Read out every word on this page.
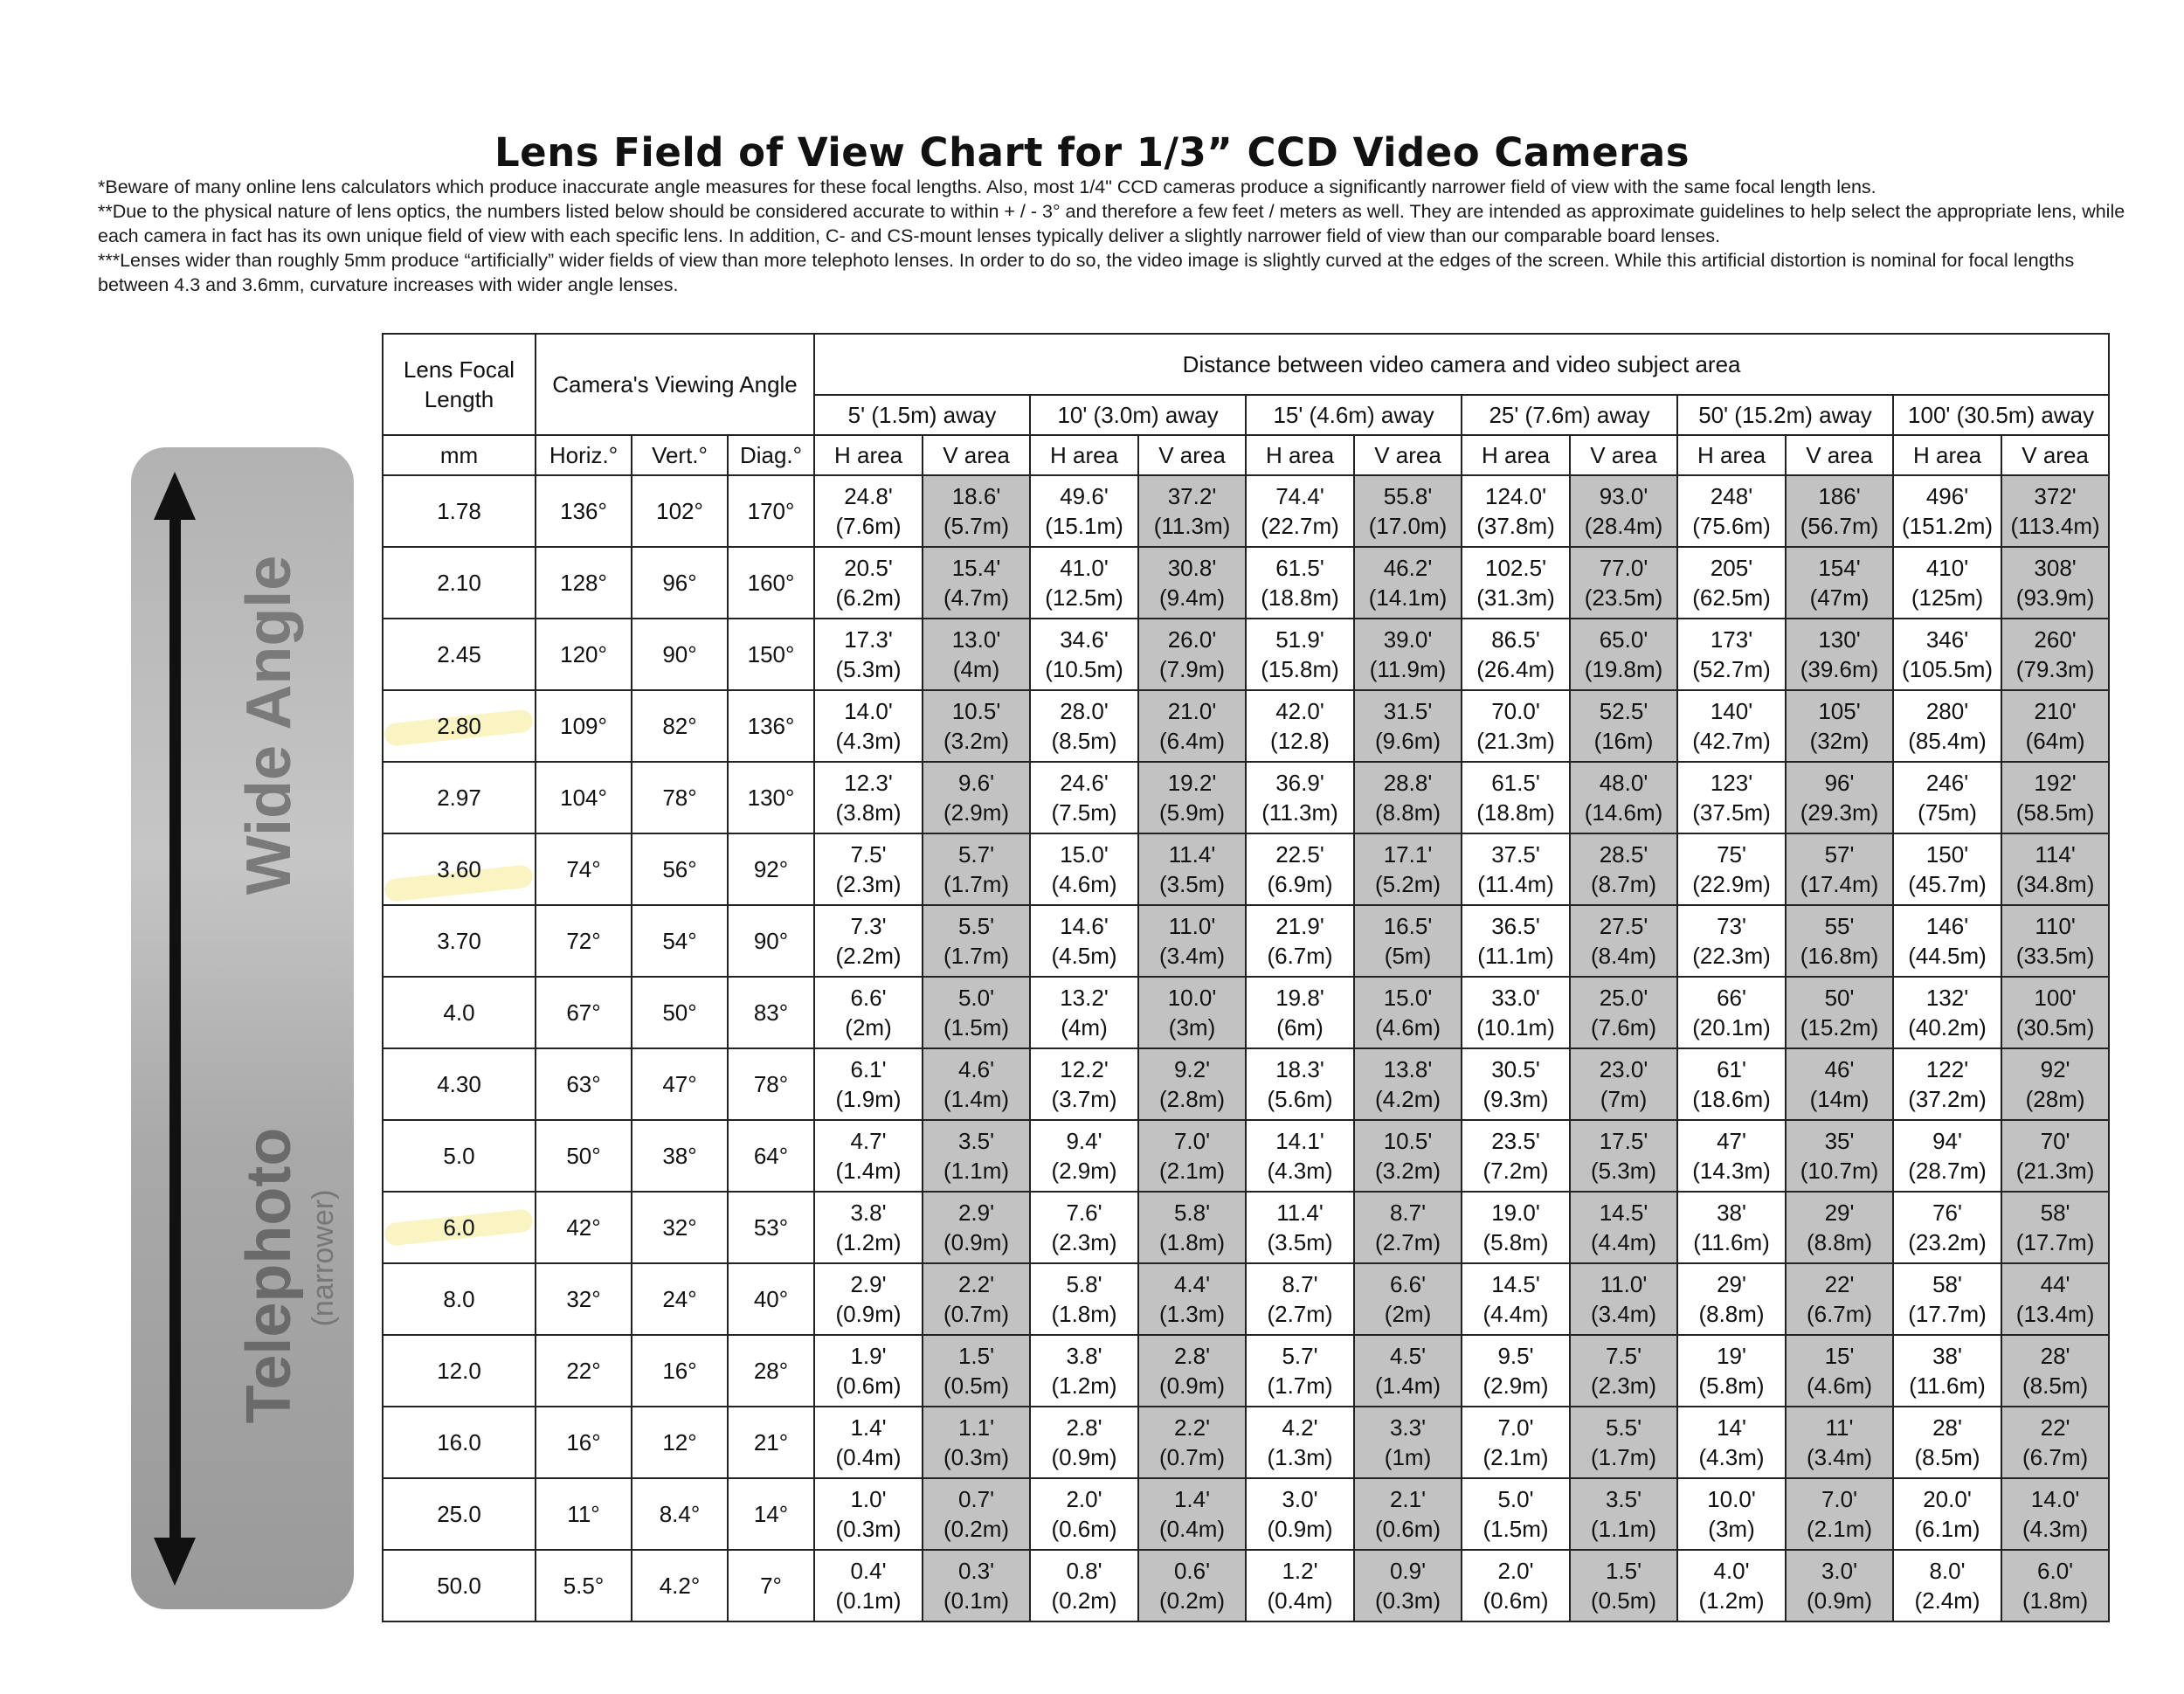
Lens Field of View Chart for 1/3” CCD Video Cameras

*Beware of many online lens calculators which produce inaccurate angle measures for these focal lengths. Also, most 1/4" CCD cameras produce a significantly narrower field of view with the same focal length lens.

**Due to the physical nature of lens optics, the numbers listed below should be considered accurate to within + / - 3° and therefore a few feet / meters as well. They are intended as approximate guidelines to help select the appropriate lens, while each camera in fact has its own unique field of view with each specific lens. In addition, C- and CS-mount lenses typically deliver a slightly narrower field of view than our comparable board lenses.

***Lenses wider than roughly 5mm produce “artificially” wider fields of view than more telephoto lenses. In order to do so, the video image is slightly curved at the edges of the screen. While this artificial distortion is nominal for focal lengths between 4.3 and 3.6mm, curvature increases with wider angle lenses.

Wide Angle
Telephoto (narrower)
Lens Focal Length	Camera's Viewing Angle			Distance between video camera and video subject area											
				5' (1.5m) away		10' (3.0m) away		15' (4.6m) away		25' (7.6m) away		50' (15.2m) away		100' (30.5m) away	
mm	Horiz.°	Vert.°	Diag.°	H area	V area	H area	V area	H area	V area	H area	V area	H area	V area	H area	V area
1.78	136°	102°	170°	24.8'
(7.6m)	18.6'
(5.7m)	49.6'
(15.1m)	37.2'
(11.3m)	74.4'
(22.7m)	55.8'
(17.0m)	124.0'
(37.8m)	93.0'
(28.4m)	248'
(75.6m)	186'
(56.7m)	496'
(151.2m)	372'
(113.4m)

2.10	128°	96°	160°	20.5'
(6.2m)	15.4'
(4.7m)	41.0'
(12.5m)	30.8'
(9.4m)	61.5'
(18.8m)	46.2'
(14.1m)	102.5'
(31.3m)	77.0'
(23.5m)	205'
(62.5m)	154'
(47m)	410'
(125m)	308'
(93.9m)

2.45	120°	90°	150°	17.3'
(5.3m)	13.0'
(4m)	34.6'
(10.5m)	26.0'
(7.9m)	51.9'
(15.8m)	39.0'
(11.9m)	86.5'
(26.4m)	65.0'
(19.8m)	173'
(52.7m)	130'
(39.6m)	346'
(105.5m)	260'
(79.3m)

2.80	109°	82°	136°	14.0'
(4.3m)	10.5'
(3.2m)	28.0'
(8.5m)	21.0'
(6.4m)	42.0'
(12.8)	31.5'
(9.6m)	70.0'
(21.3m)	52.5'
(16m)	140'
(42.7m)	105'
(32m)	280'
(85.4m)	210'
(64m)

2.97	104°	78°	130°	12.3'
(3.8m)	9.6'
(2.9m)	24.6'
(7.5m)	19.2'
(5.9m)	36.9'
(11.3m)	28.8'
(8.8m)	61.5'
(18.8m)	48.0'
(14.6m)	123'
(37.5m)	96'
(29.3m)	246'
(75m)	192'
(58.5m)

3.60	74°	56°	92°	7.5'
(2.3m)	5.7'
(1.7m)	15.0'
(4.6m)	11.4'
(3.5m)	22.5'
(6.9m)	17.1'
(5.2m)	37.5'
(11.4m)	28.5'
(8.7m)	75'
(22.9m)	57'
(17.4m)	150'
(45.7m)	114'
(34.8m)

3.70	72°	54°	90°	7.3'
(2.2m)	5.5'
(1.7m)	14.6'
(4.5m)	11.0'
(3.4m)	21.9'
(6.7m)	16.5'
(5m)	36.5'
(11.1m)	27.5'
(8.4m)	73'
(22.3m)	55'
(16.8m)	146'
(44.5m)	110'
(33.5m)

4.0	67°	50°	83°	6.6'
(2m)	5.0'
(1.5m)	13.2'
(4m)	10.0'
(3m)	19.8'
(6m)	15.0'
(4.6m)	33.0'
(10.1m)	25.0'
(7.6m)	66'
(20.1m)	50'
(15.2m)	132'
(40.2m)	100'
(30.5m)

4.30	63°	47°	78°	6.1'
(1.9m)	4.6'
(1.4m)	12.2'
(3.7m)	9.2'
(2.8m)	18.3'
(5.6m)	13.8'
(4.2m)	30.5'
(9.3m)	23.0'
(7m)	61'
(18.6m)	46'
(14m)	122'
(37.2m)	92'
(28m)

5.0	50°	38°	64°	4.7'
(1.4m)	3.5'
(1.1m)	9.4'
(2.9m)	7.0'
(2.1m)	14.1'
(4.3m)	10.5'
(3.2m)	23.5'
(7.2m)	17.5'
(5.3m)	47'
(14.3m)	35'
(10.7m)	94'
(28.7m)	70'
(21.3m)

6.0	42°	32°	53°	3.8'
(1.2m)	2.9'
(0.9m)	7.6'
(2.3m)	5.8'
(1.8m)	11.4'
(3.5m)	8.7'
(2.7m)	19.0'
(5.8m)	14.5'
(4.4m)	38'
(11.6m)	29'
(8.8m)	76'
(23.2m)	58'
(17.7m)

8.0	32°	24°	40°	2.9'
(0.9m)	2.2'
(0.7m)	5.8'
(1.8m)	4.4'
(1.3m)	8.7'
(2.7m)	6.6'
(2m)	14.5'
(4.4m)	11.0'
(3.4m)	29'
(8.8m)	22'
(6.7m)	58'
(17.7m)	44'
(13.4m)

12.0	22°	16°	28°	1.9'
(0.6m)	1.5'
(0.5m)	3.8'
(1.2m)	2.8'
(0.9m)	5.7'
(1.7m)	4.5'
(1.4m)	9.5'
(2.9m)	7.5'
(2.3m)	19'
(5.8m)	15'
(4.6m)	38'
(11.6m)	28'
(8.5m)

16.0	16°	12°	21°	1.4'
(0.4m)	1.1'
(0.3m)	2.8'
(0.9m)	2.2'
(0.7m)	4.2'
(1.3m)	3.3'
(1m)	7.0'
(2.1m)	5.5'
(1.7m)	14'
(4.3m)	11'
(3.4m)	28'
(8.5m)	22'
(6.7m)

25.0	11°	8.4°	14°	1.0'
(0.3m)	0.7'
(0.2m)	2.0'
(0.6m)	1.4'
(0.4m)	3.0'
(0.9m)	2.1'
(0.6m)	5.0'
(1.5m)	3.5'
(1.1m)	10.0'
(3m)	7.0'
(2.1m)	20.0'
(6.1m)	14.0'
(4.3m)

50.0	5.5°	4.2°	7°	0.4'
(0.1m)	0.3'
(0.1m)	0.8'
(0.2m)	0.6'
(0.2m)	1.2'
(0.4m)	0.9'
(0.3m)	2.0'
(0.6m)	1.5'
(0.5m)	4.0'
(1.2m)	3.0'
(0.9m)	8.0'
(2.4m)	6.0'
(1.8m)
